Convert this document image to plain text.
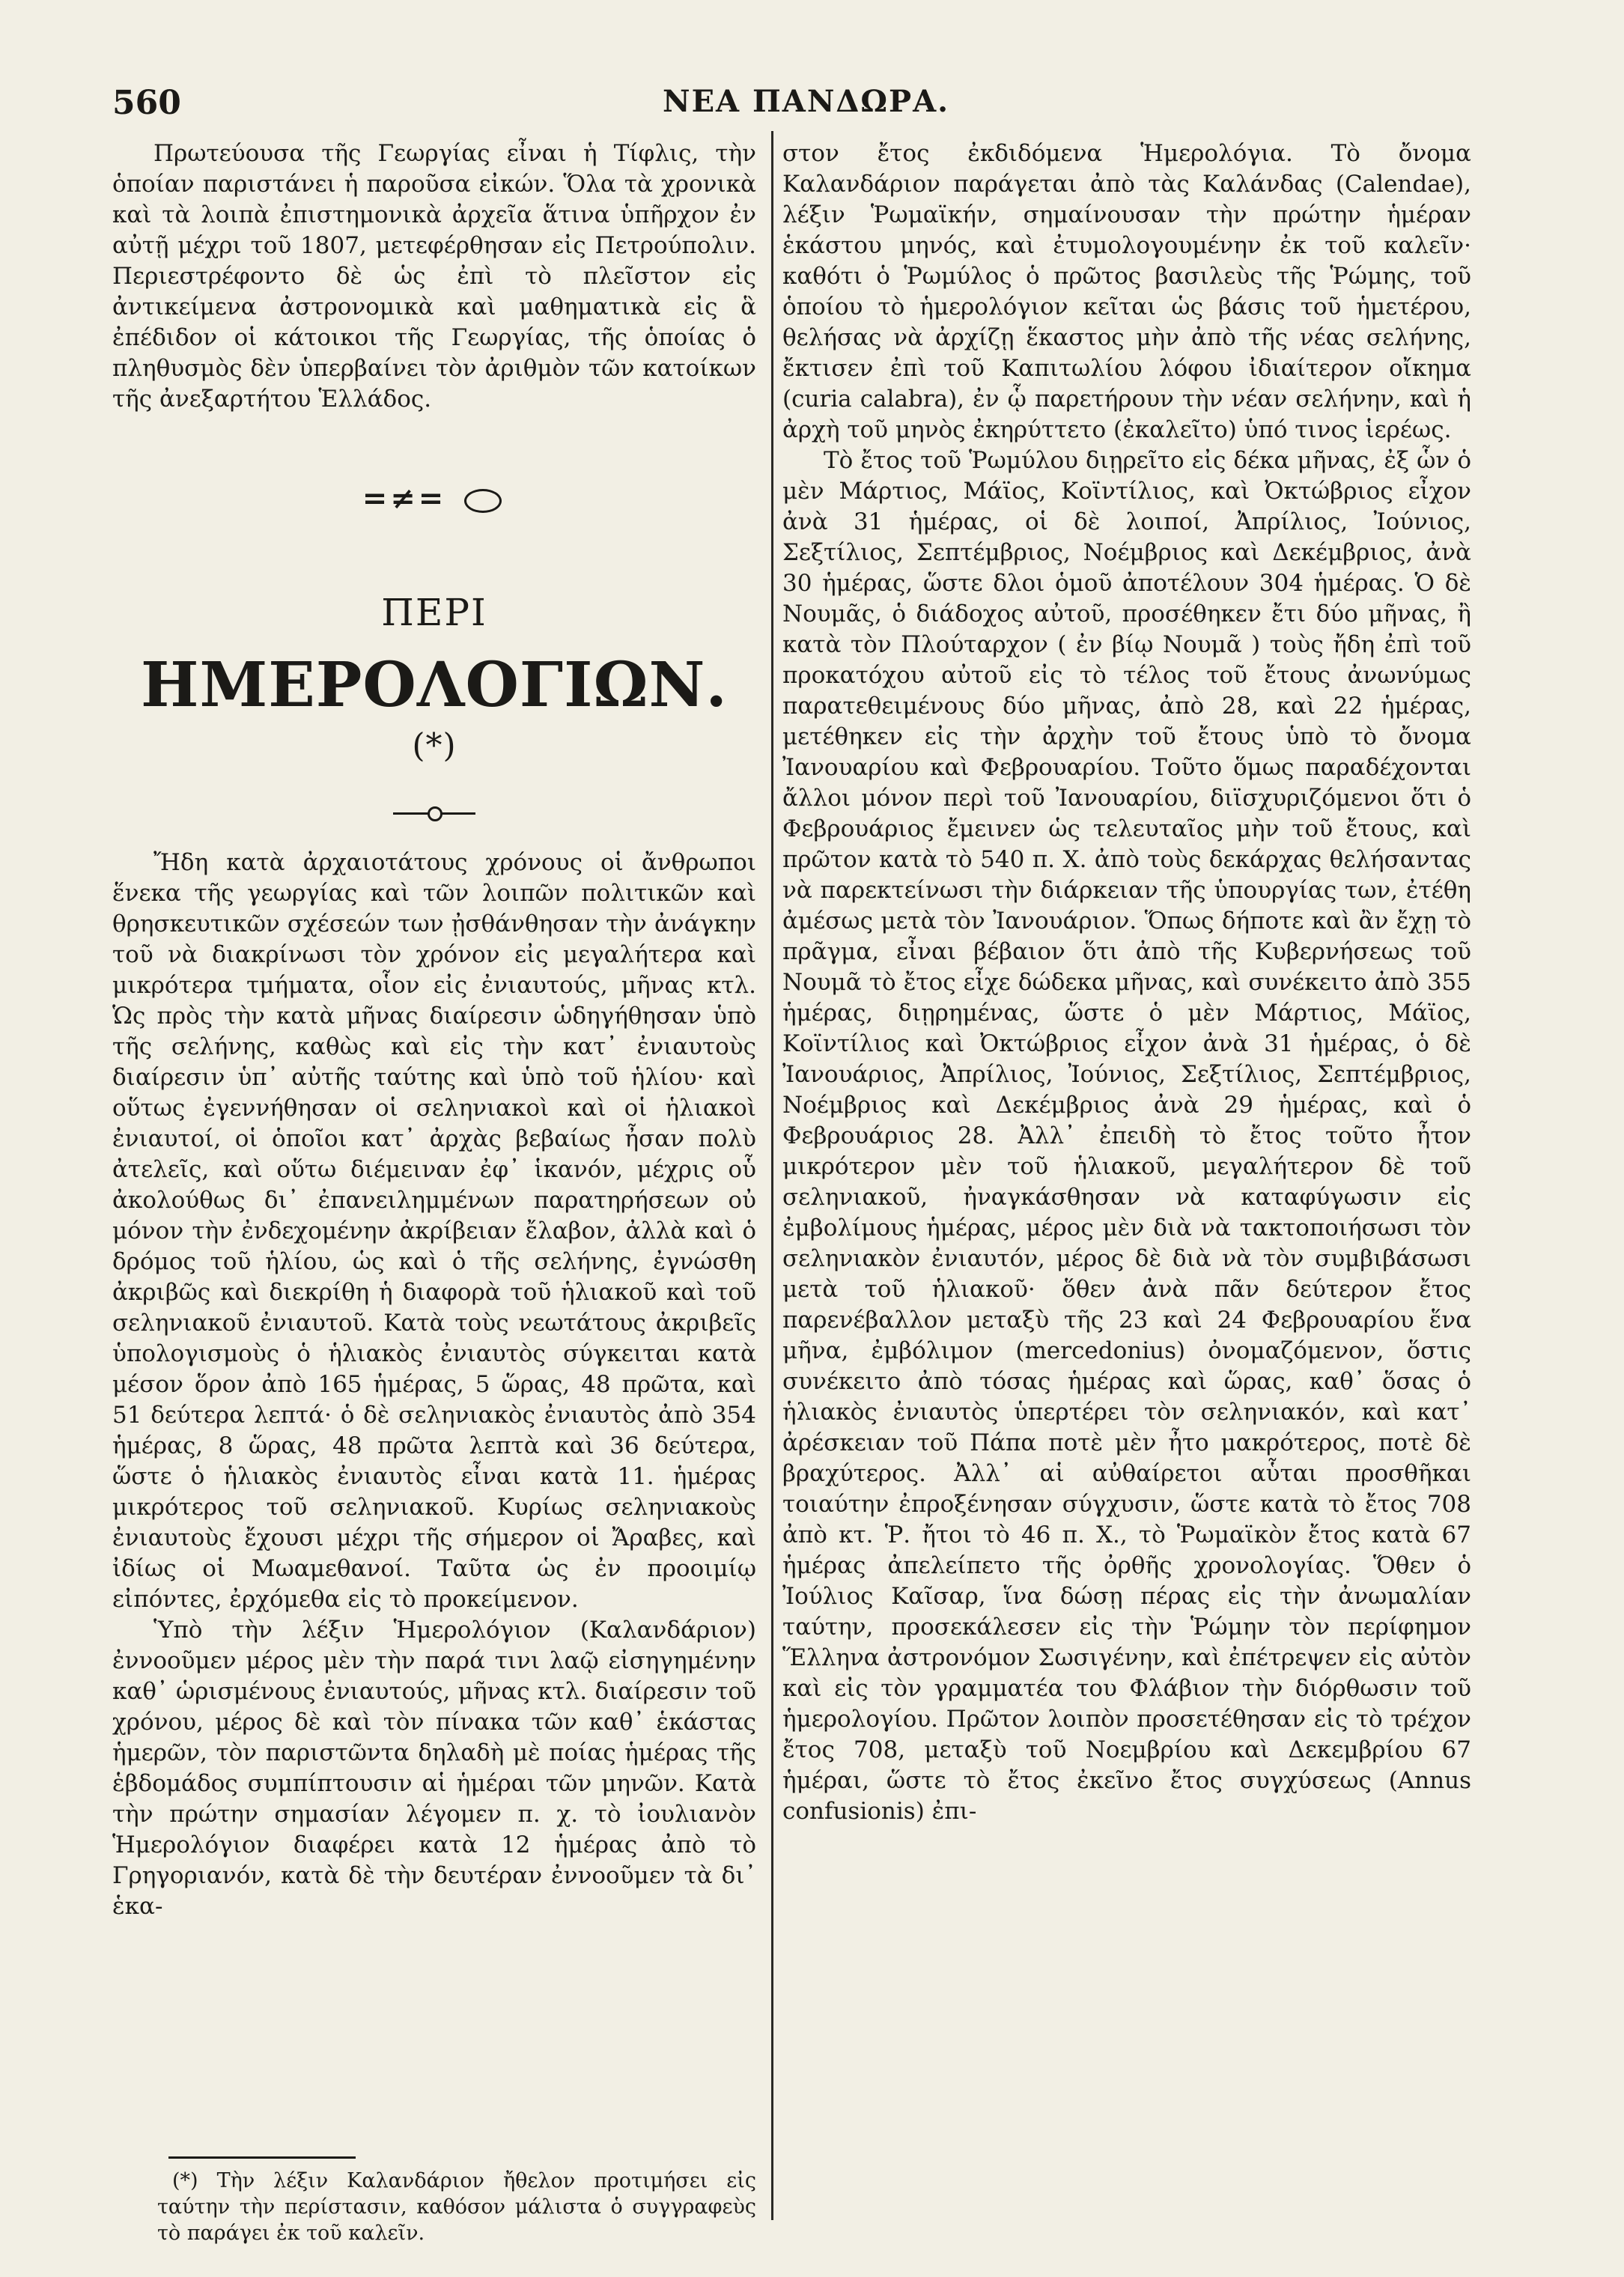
560	ΝΕΑ ΠΑΝΔΩΡΑ.

Πρωτεύουσα τῆς Γεωργίας εἶναι ἡ Τίφλις, τὴν ὁποίαν παριστάνει ἡ παροῦσα εἰκών. Ὅλα τὰ χρονικὰ καὶ τὰ λοιπὰ ἐπιστημονικὰ ἀρχεῖα ἅτινα ὑπῆρχον ἐν αὐτῇ μέχρι τοῦ 1807, μετεφέρθησαν εἰς Πετρούπολιν. Περιεστρέφοντο δὲ ὡς ἐπὶ τὸ πλεῖστον εἰς ἀντικείμενα ἀστρονομικὰ καὶ μαθηματικὰ εἰς ἃ ἐπέδιδον οἱ κάτοικοι τῆς Γεωργίας, τῆς ὁποίας ὁ πληθυσμὸς δὲν ὑπερβαίνει τὸν ἀριθμὸν τῶν κατοίκων τῆς ἀνεξαρτήτου Ἑλλάδος.

=≠=
ΠΕΡΙ
ΗΜΕΡΟΛΟΓΙΩΝ. (*)

Ἤδη κατὰ ἀρχαιοτάτους χρόνους οἱ ἄνθρωποι ἕνεκα τῆς γεωργίας καὶ τῶν λοιπῶν πολιτικῶν καὶ θρησκευτικῶν σχέσεών των ᾐσθάνθησαν τὴν ἀνάγκην τοῦ νὰ διακρίνωσι τὸν χρόνον εἰς μεγαλήτερα καὶ μικρότερα τμήματα, οἷον εἰς ἐνιαυτούς, μῆνας κτλ. Ὡς πρὸς τὴν κατὰ μῆνας διαίρεσιν ὡδηγήθησαν ὑπὸ τῆς σελήνης, καθὼς καὶ εἰς τὴν κατ᾽ ἐνιαυτοὺς διαίρεσιν ὑπ᾽ αὐτῆς ταύτης καὶ ὑπὸ τοῦ ἡλίου· καὶ οὕτως ἐγεννήθησαν οἱ σεληνιακοὶ καὶ οἱ ἡλιακοὶ ἐνιαυτοί, οἱ ὁποῖοι κατ᾽ ἀρχὰς βεβαίως ἦσαν πολὺ ἀτελεῖς, καὶ οὕτω διέμειναν ἐφ᾽ ἱκανόν, μέχρις οὗ ἀκολούθως δι᾽ ἐπανειλημμένων παρατηρήσεων οὐ μόνον τὴν ἐνδεχομένην ἀκρίβειαν ἔλαβον, ἀλλὰ καὶ ὁ δρόμος τοῦ ἡλίου, ὡς καὶ ὁ τῆς σελήνης, ἐγνώσθη ἀκριβῶς καὶ διεκρίθη ἡ διαφορὰ τοῦ ἡλιακοῦ καὶ τοῦ σεληνιακοῦ ἐνιαυτοῦ. Κατὰ τοὺς νεωτάτους ἀκριβεῖς ὑπολογισμοὺς ὁ ἡλιακὸς ἐνιαυτὸς σύγκειται κατὰ μέσον ὅρον ἀπὸ 165 ἡμέρας, 5 ὥρας, 48 πρῶτα, καὶ 51 δεύτερα λεπτά· ὁ δὲ σεληνιακὸς ἐνιαυτὸς ἀπὸ 354 ἡμέρας, 8 ὥρας, 48 πρῶτα λεπτὰ καὶ 36 δεύτερα, ὥστε ὁ ἡλιακὸς ἐνιαυτὸς εἶναι κατὰ 11. ἡμέρας μικρότερος τοῦ σεληνιακοῦ. Κυρίως σεληνιακοὺς ἐνιαυτοὺς ἔχουσι μέχρι τῆς σήμερον οἱ Ἄραβες, καὶ ἰδίως οἱ Μωαμεθανοί. Ταῦτα ὡς ἐν προοιμίῳ εἰπόντες, ἐρχόμεθα εἰς τὸ προκείμενον.

Ὑπὸ τὴν λέξιν Ἡμερολόγιον (Καλανδάριον) ἐννοοῦμεν μέρος μὲν τὴν παρά τινι λαῷ εἰσηγημένην καθ᾽ ὡρισμένους ἐνιαυτούς, μῆνας κτλ. διαίρεσιν τοῦ χρόνου, μέρος δὲ καὶ τὸν πίνακα τῶν καθ᾽ ἑκάστας ἡμερῶν, τὸν παριστῶντα δηλαδὴ μὲ ποίας ἡμέρας τῆς ἑβδομάδος συμπίπτουσιν αἱ ἡμέραι τῶν μηνῶν. Κατὰ τὴν πρώτην σημασίαν λέγομεν π. χ. τὸ ἰουλιανὸν Ἡμερολόγιον διαφέρει κατὰ 12 ἡμέρας ἀπὸ τὸ Γρηγοριανόν, κατὰ δὲ τὴν δευτέραν ἐννοοῦμεν τὰ δι᾽ ἑκα-

στον ἔτος ἐκδιδόμενα Ἡμερολόγια. Τὸ ὄνομα Καλανδάριον παράγεται ἀπὸ τὰς Καλάνδας (Calendae), λέξιν Ῥωμαϊκήν, σημαίνουσαν τὴν πρώτην ἡμέραν ἑκάστου μηνός, καὶ ἐτυμολογουμένην ἐκ τοῦ καλεῖν· καθότι ὁ Ῥωμύλος ὁ πρῶτος βασιλεὺς τῆς Ῥώμης, τοῦ ὁποίου τὸ ἡμερολόγιον κεῖται ὡς βάσις τοῦ ἡμετέρου, θελήσας νὰ ἀρχίζῃ ἕκαστος μὴν ἀπὸ τῆς νέας σελήνης, ἔκτισεν ἐπὶ τοῦ Καπιτωλίου λόφου ἰδιαίτερον οἴκημα (curia calabra), ἐν ᾧ παρετήρουν τὴν νέαν σελήνην, καὶ ἡ ἀρχὴ τοῦ μηνὸς ἐκηρύττετο (ἐκαλεῖτο) ὑπό τινος ἱερέως.

Τὸ ἔτος τοῦ Ῥωμύλου διῃρεῖτο εἰς δέκα μῆνας, ἐξ ὧν ὁ μὲν Μάρτιος, Μάϊος, Κοϊντίλιος, καὶ Ὀκτώβριος εἶχον ἀνὰ 31 ἡμέρας, οἱ δὲ λοιποί, Ἀπρίλιος, Ἰούνιος, Σεξτίλιος, Σεπτέμβριος, Νοέμβριος καὶ Δεκέμβριος, ἀνὰ 30 ἡμέρας, ὥστε δλοι ὁμοῦ ἀποτέλουν 304 ἡμέρας. Ὁ δὲ Νουμᾶς, ὁ διάδοχος αὐτοῦ, προσέθηκεν ἔτι δύο μῆνας, ἢ κατὰ τὸν Πλούταρχον ( ἐν βίῳ Νουμᾶ ) τοὺς ἤδη ἐπὶ τοῦ προκατόχου αὐτοῦ εἰς τὸ τέλος τοῦ ἔτους ἀνωνύμως παρατεθειμένους δύο μῆνας, ἀπὸ 28, καὶ 22 ἡμέρας, μετέθηκεν εἰς τὴν ἀρχὴν τοῦ ἔτους ὑπὸ τὸ ὄνομα Ἰανουαρίου καὶ Φεβρουαρίου. Τοῦτο ὅμως παραδέχονται ἄλλοι μόνον περὶ τοῦ Ἰανουαρίου, διϊσχυριζόμενοι ὅτι ὁ Φεβρουάριος ἔμεινεν ὡς τελευταῖος μὴν τοῦ ἔτους, καὶ πρῶτον κατὰ τὸ 540 π. Χ. ἀπὸ τοὺς δεκάρχας θελήσαντας νὰ παρεκτείνωσι τὴν διάρκειαν τῆς ὑπουργίας των, ἐτέθη ἀμέσως μετὰ τὸν Ἰανουάριον. Ὅπως δήποτε καὶ ἂν ἔχῃ τὸ πρᾶγμα, εἶναι βέβαιον ὅτι ἀπὸ τῆς Κυβερνήσεως τοῦ Νουμᾶ τὸ ἔτος εἶχε δώδεκα μῆνας, καὶ συνέκειτο ἀπὸ 355 ἡμέρας, διῃρημένας, ὥστε ὁ μὲν Μάρτιος, Μάϊος, Κοϊντίλιος καὶ Ὀκτώβριος εἶχον ἀνὰ 31 ἡμέρας, ὁ δὲ Ἰανουάριος, Ἀπρίλιος, Ἰούνιος, Σεξτίλιος, Σεπτέμβριος, Νοέμβριος καὶ Δεκέμβριος ἀνὰ 29 ἡμέρας, καὶ ὁ Φεβρουάριος 28. Ἀλλ᾽ ἐπειδὴ τὸ ἔτος τοῦτο ἦτον μικρότερον μὲν τοῦ ἡλιακοῦ, μεγαλήτερον δὲ τοῦ σεληνιακοῦ, ἠναγκάσθησαν νὰ καταφύγωσιν εἰς ἐμβολίμους ἡμέρας, μέρος μὲν διὰ νὰ τακτοποιήσωσι τὸν σεληνιακὸν ἐνιαυτόν, μέρος δὲ διὰ νὰ τὸν συμβιβάσωσι μετὰ τοῦ ἡλιακοῦ· ὅθεν ἀνὰ πᾶν δεύτερον ἔτος παρενέβαλλον μεταξὺ τῆς 23 καὶ 24 Φεβρουαρίου ἕνα μῆνα, ἐμβόλιμον (mercedonius) ὀνομαζόμενον, ὅστις συνέκειτο ἀπὸ τόσας ἡμέρας καὶ ὥρας, καθ᾽ ὅσας ὁ ἡλιακὸς ἐνιαυτὸς ὑπερτέρει τὸν σεληνιακόν, καὶ κατ᾽ ἀρέσκειαν τοῦ Πάπα ποτὲ μὲν ἦτο μακρότερος, ποτὲ δὲ βραχύτερος. Ἀλλ᾽ αἱ αὐθαίρετοι αὗται προσθῆκαι τοιαύτην ἐπροξένησαν σύγχυσιν, ὥστε κατὰ τὸ ἔτος 708 ἀπὸ κτ. Ῥ. ἤτοι τὸ 46 π. Χ., τὸ Ῥωμαϊκὸν ἔτος κατὰ 67 ἡμέρας ἀπελείπετο τῆς ὀρθῆς χρονολογίας. Ὅθεν ὁ Ἰούλιος Καῖσαρ, ἵνα δώσῃ πέρας εἰς τὴν ἀνωμαλίαν ταύτην, προσεκάλεσεν εἰς τὴν Ῥώμην τὸν περίφημον Ἕλληνα ἀστρονόμον Σωσιγένην, καὶ ἐπέτρεψεν εἰς αὐτὸν καὶ εἰς τὸν γραμματέα του Φλάβιον τὴν διόρθωσιν τοῦ ἡμερολογίου. Πρῶτον λοιπὸν προσετέθησαν εἰς τὸ τρέχον ἔτος 708, μεταξὺ τοῦ Νοεμβρίου καὶ Δεκεμβρίου 67 ἡμέραι, ὥστε τὸ ἔτος ἐκεῖνο ἔτος συγχύσεως (Annus confusionis) ἐπι-

(*) Τὴν λέξιν Καλανδάριον ἤθελον προτιμήσει εἰς ταύτην τὴν περίστασιν, καθόσον μάλιστα ὁ συγγραφεὺς τὸ παράγει ἐκ τοῦ καλεῖν.
